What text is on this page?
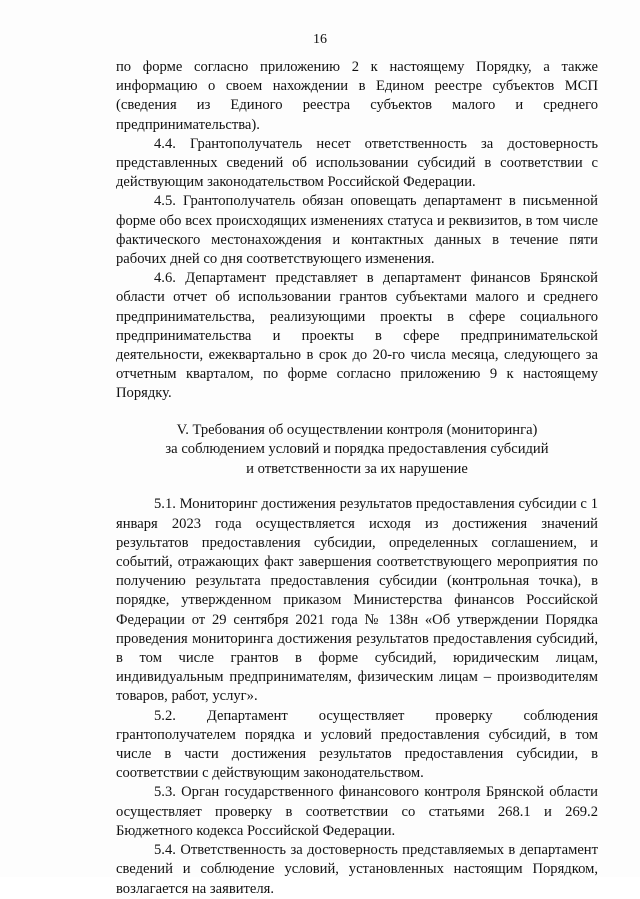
16

по форме согласно приложению 2 к настоящему Порядку, а также информацию о своем нахождении в Едином реестре субъектов МСП (сведения из Единого реестра субъектов малого и среднего предпринимательства).

4.4. Грантополучатель несет ответственность за достоверность представленных сведений об использовании субсидий в соответствии с действующим законодательством Российской Федерации.

4.5. Грантополучатель обязан оповещать департамент в письменной форме обо всех происходящих изменениях статуса и реквизитов, в том числе фактического местонахождения и контактных данных в течение пяти рабочих дней со дня соответствующего изменения.

4.6. Департамент представляет в департамент финансов Брянской области отчет об использовании грантов субъектами малого и среднего предпринимательства, реализующими проекты в сфере социального предпринимательства и проекты в сфере предпринимательской деятельности, ежеквартально в срок до 20-го числа месяца, следующего за отчетным кварталом, по форме согласно приложению 9 к настоящему Порядку.

V. Требования об осуществлении контроля (мониторинга)
за соблюдением условий и порядка предоставления субсидий
и ответственности за их нарушение

5.1. Мониторинг достижения результатов предоставления субсидии с 1 января 2023 года осуществляется исходя из достижения значений результатов предоставления субсидии, определенных соглашением, и событий, отражающих факт завершения соответствующего мероприятия по получению результата предоставления субсидии (контрольная точка), в порядке, утвержденном приказом Министерства финансов Российской Федерации от 29 сентября 2021 года № 138н «Об утверждении Порядка проведения мониторинга достижения результатов предоставления субсидий, в том числе грантов в форме субсидий, юридическим лицам, индивидуальным предпринимателям, физическим лицам – производителям товаров, работ, услуг».

5.2. Департамент осуществляет проверку соблюдения грантополучателем порядка и условий предоставления субсидий, в том числе в части достижения результатов предоставления субсидии, в соответствии с действующим законодательством.

5.3. Орган государственного финансового контроля Брянской области осуществляет проверку в соответствии со статьями 268.1 и 269.2 Бюджетного кодекса Российской Федерации.

5.4. Ответственность за достоверность представляемых в департамент сведений и соблюдение условий, установленных настоящим Порядком, возлагается на заявителя.
